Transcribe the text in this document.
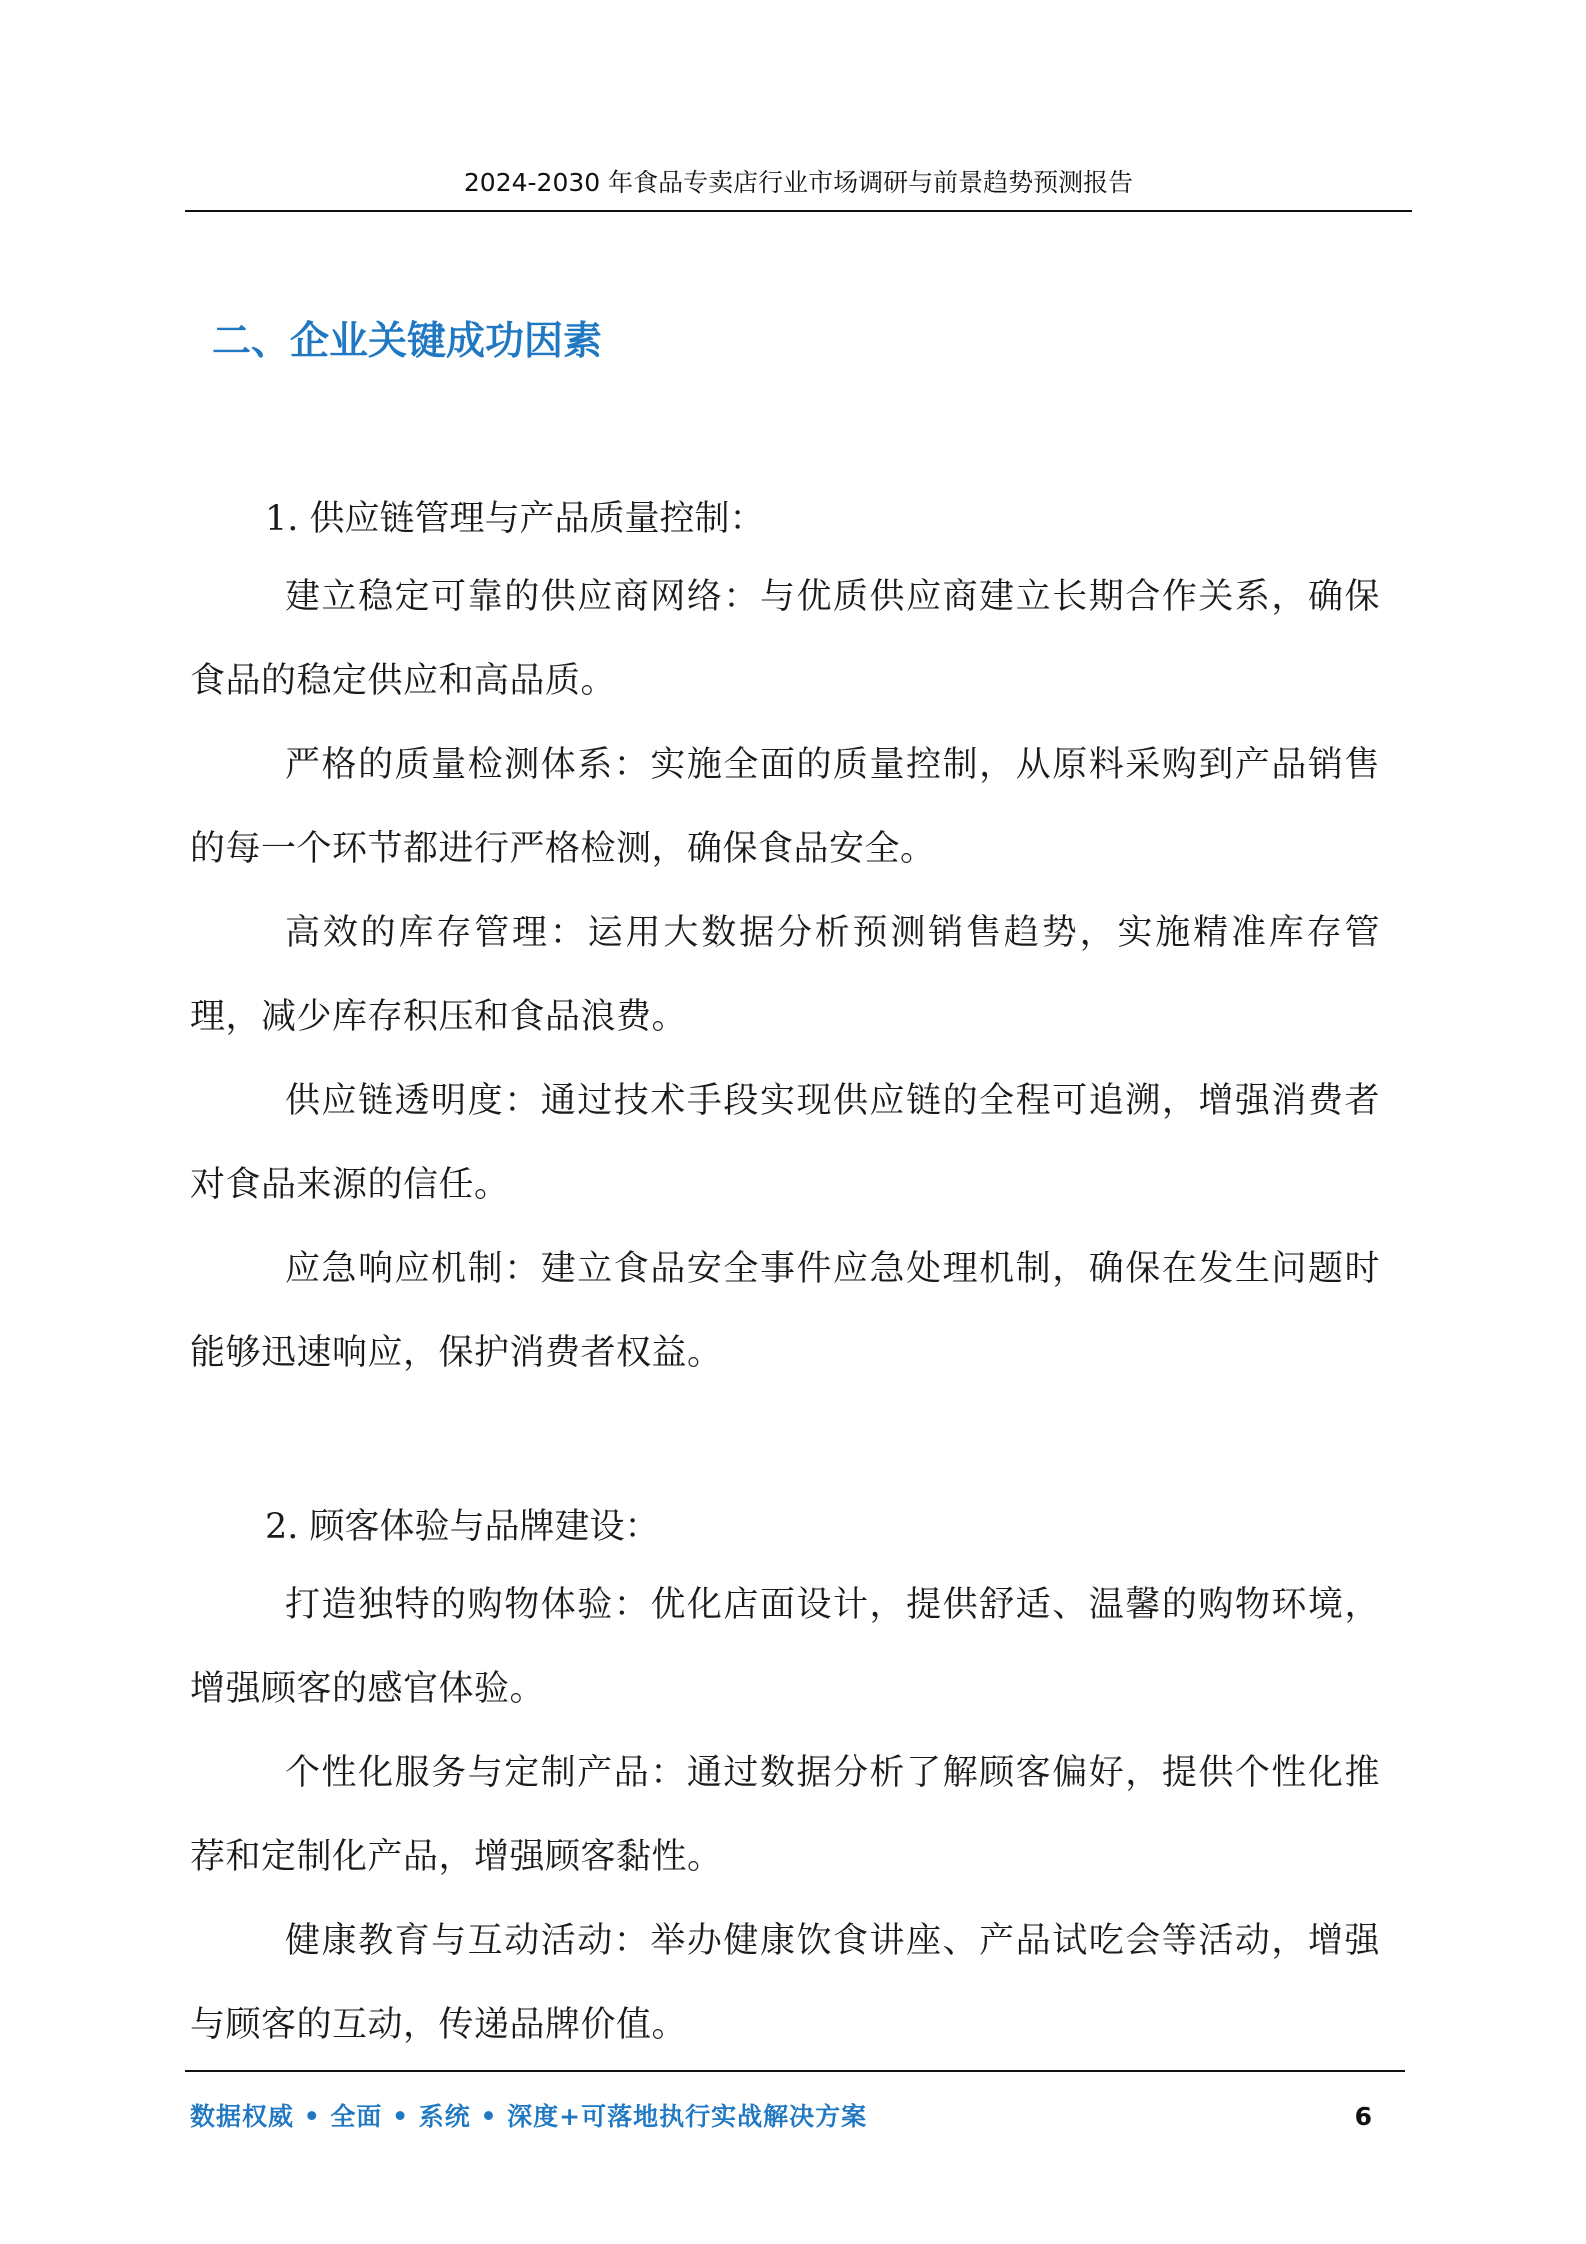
2024-2030 年食品专卖店行业市场调研与前景趋势预测报告
二、企业关键成功因素
1. 供应链管理与产品质量控制：
建立稳定可靠的供应商网络：与优质供应商建立长期合作关系，确保食品的稳定供应和高品质。
严格的质量检测体系：实施全面的质量控制，从原料采购到产品销售的每一个环节都进行严格检测，确保食品安全。
高效的库存管理：运用大数据分析预测销售趋势，实施精准库存管理，减少库存积压和食品浪费。
供应链透明度：通过技术手段实现供应链的全程可追溯，增强消费者对食品来源的信任。
应急响应机制：建立食品安全事件应急处理机制，确保在发生问题时能够迅速响应，保护消费者权益。
2. 顾客体验与品牌建设：
打造独特的购物体验：优化店面设计，提供舒适、温馨的购物环境，增强顾客的感官体验。
个性化服务与定制产品：通过数据分析了解顾客偏好，提供个性化推荐和定制化产品，增强顾客黏性。
健康教育与互动活动：举办健康饮食讲座、产品试吃会等活动，增强与顾客的互动，传递品牌价值。
数据权威 • 全面 • 系统 • 深度+可落地执行实战解决方案	6
